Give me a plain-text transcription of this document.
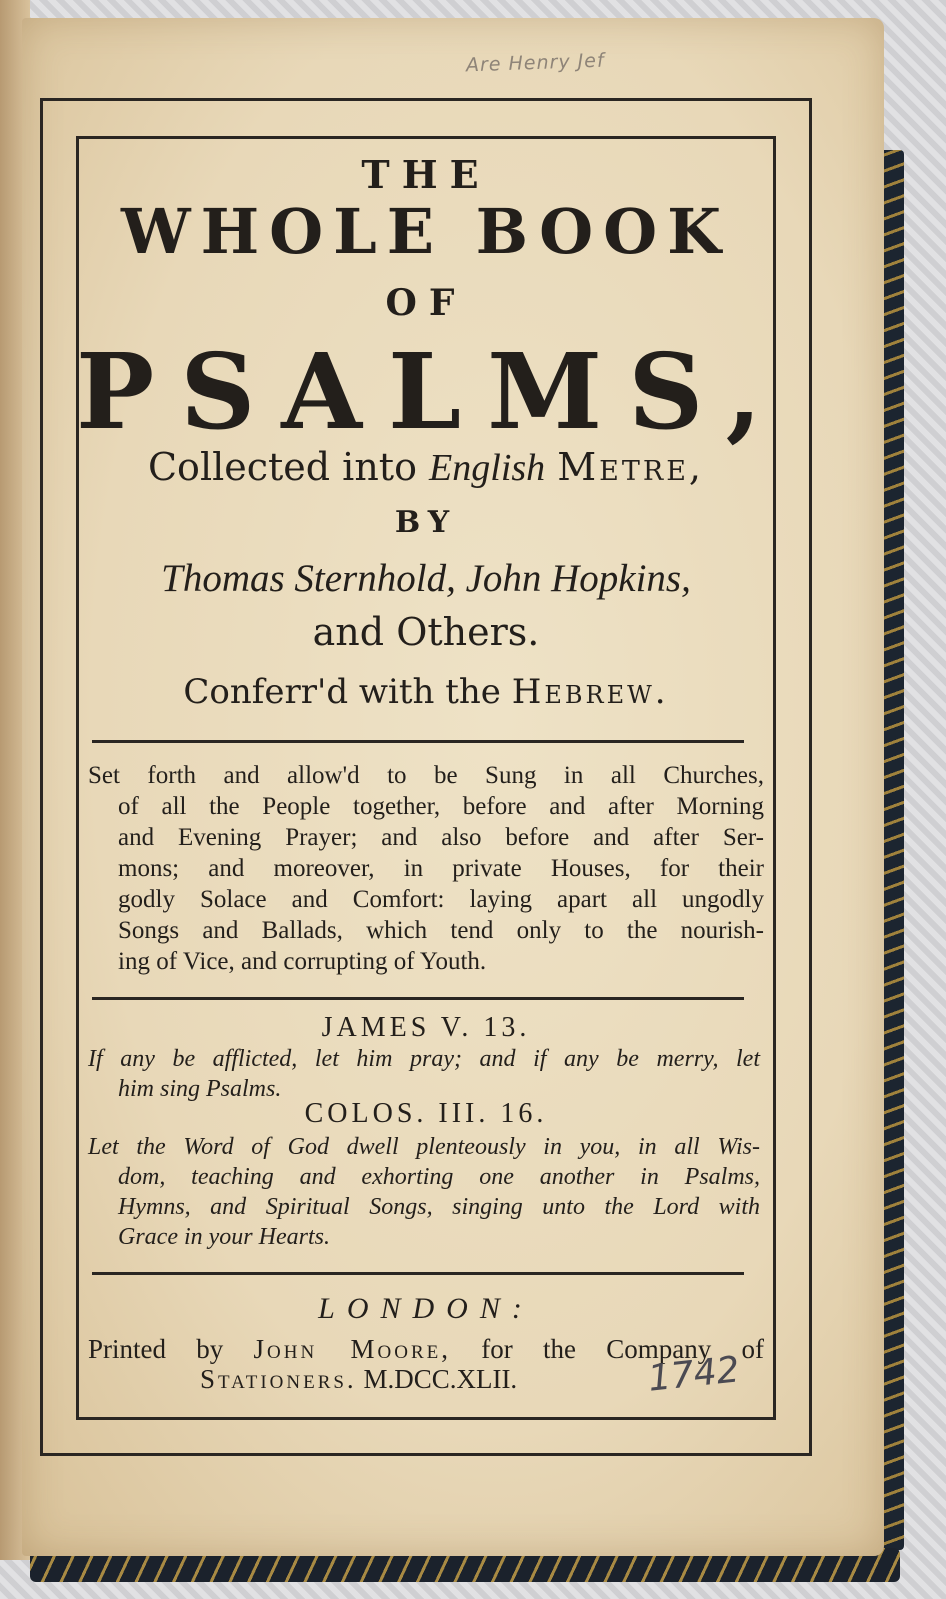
Are Henry Jef
THE
WHOLE BOOK
OF
PSALMS,
Collected into English Metre,
BY
Thomas Sternhold, John Hopkins,
and Others.
Conferr'd with the Hebrew.
Set forth and allow'd to be Sung in all Churches,
of all the People together, before and after Morning
and Evening Prayer; and also before and after Ser-
mons; and moreover, in private Houses, for their
godly Solace and Comfort: laying apart all ungodly
Songs and Ballads, which tend only to the nourish-
ing of Vice, and corrupting of Youth.
JAMES V. 13.
If any be afflicted, let him pray; and if any be merry, let
him sing Psalms.
COLOS. III. 16.
Let the Word of God dwell plenteously in you, in all Wis-
dom, teaching and exhorting one another in Psalms,
Hymns, and Spiritual Songs, singing unto the Lord with
Grace in your Hearts.
LONDON:
Printed by John Moore, for the Company of
Stationers. M.DCC.XLII.	1742
